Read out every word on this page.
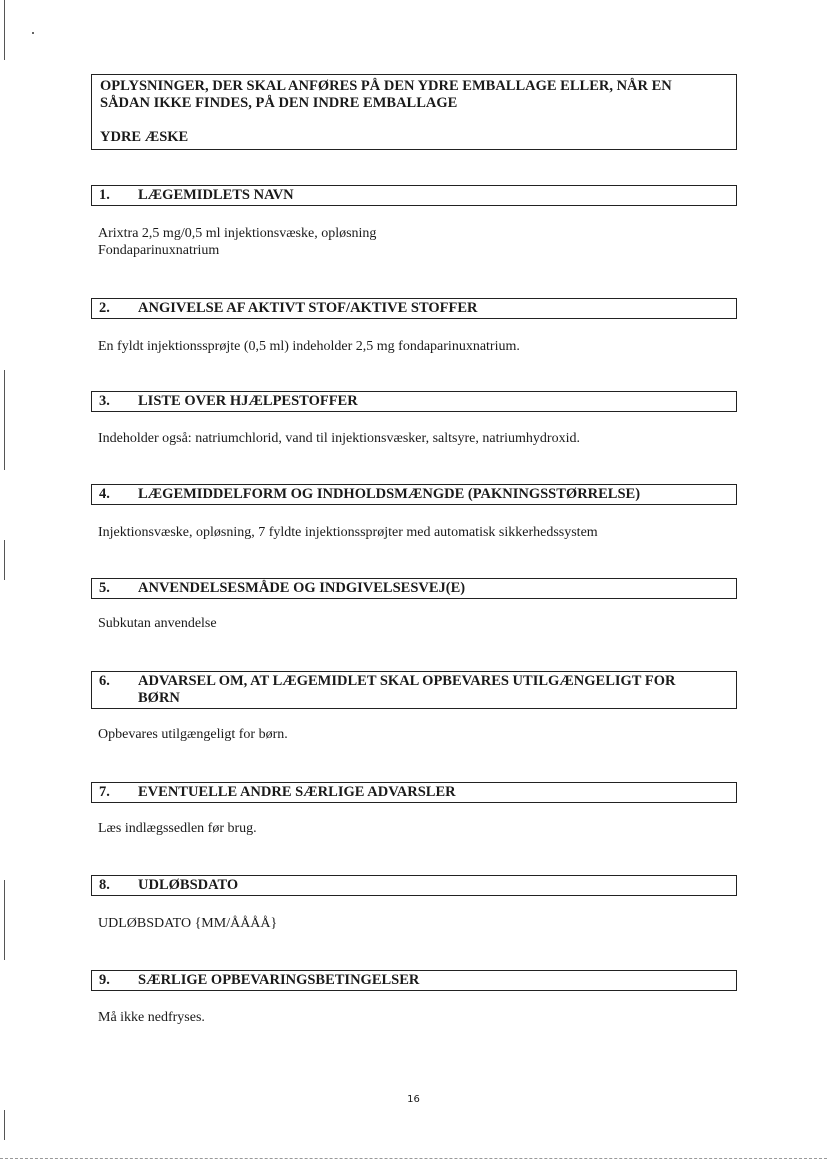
OPLYSNINGER, DER SKAL ANFØRES PÅ DEN YDRE EMBALLAGE ELLER, NÅR EN
SÅDAN IKKE FINDES, PÅ DEN INDRE EMBALLAGE
YDRE ÆSKE
1. LÆGEMIDLETS NAVN
Arixtra 2,5 mg/0,5 ml injektionsvæske, opløsning
Fondaparinuxnatrium
2. ANGIVELSE AF AKTIVT STOF/AKTIVE STOFFER
En fyldt injektionssprøjte (0,5 ml) indeholder 2,5 mg fondaparinuxnatrium.
3. LISTE OVER HJÆLPESTOFFER
Indeholder også: natriumchlorid, vand til injektionsvæsker, saltsyre, natriumhydroxid.
4. LÆGEMIDDELFORM OG INDHOLDSMÆNGDE (PAKNINGSSTØRRELSE)
Injektionsvæske, opløsning, 7 fyldte injektionssprøjter med automatisk sikkerhedssystem
5. ANVENDELSESMÅDE OG INDGIVELSESVEJ(E)
Subkutan anvendelse
6. ADVARSEL OM, AT LÆGEMIDLET SKAL OPBEVARES UTILGÆNGELIGT FOR
BØRN
Opbevares utilgængeligt for børn.
7. EVENTUELLE ANDRE SÆRLIGE ADVARSLER
Læs indlægssedlen før brug.
8. UDLØBSDATO
UDLØBSDATO {MM/ÅÅÅÅ}
9. SÆRLIGE OPBEVARINGSBETINGELSER
Må ikke nedfryses.
16
